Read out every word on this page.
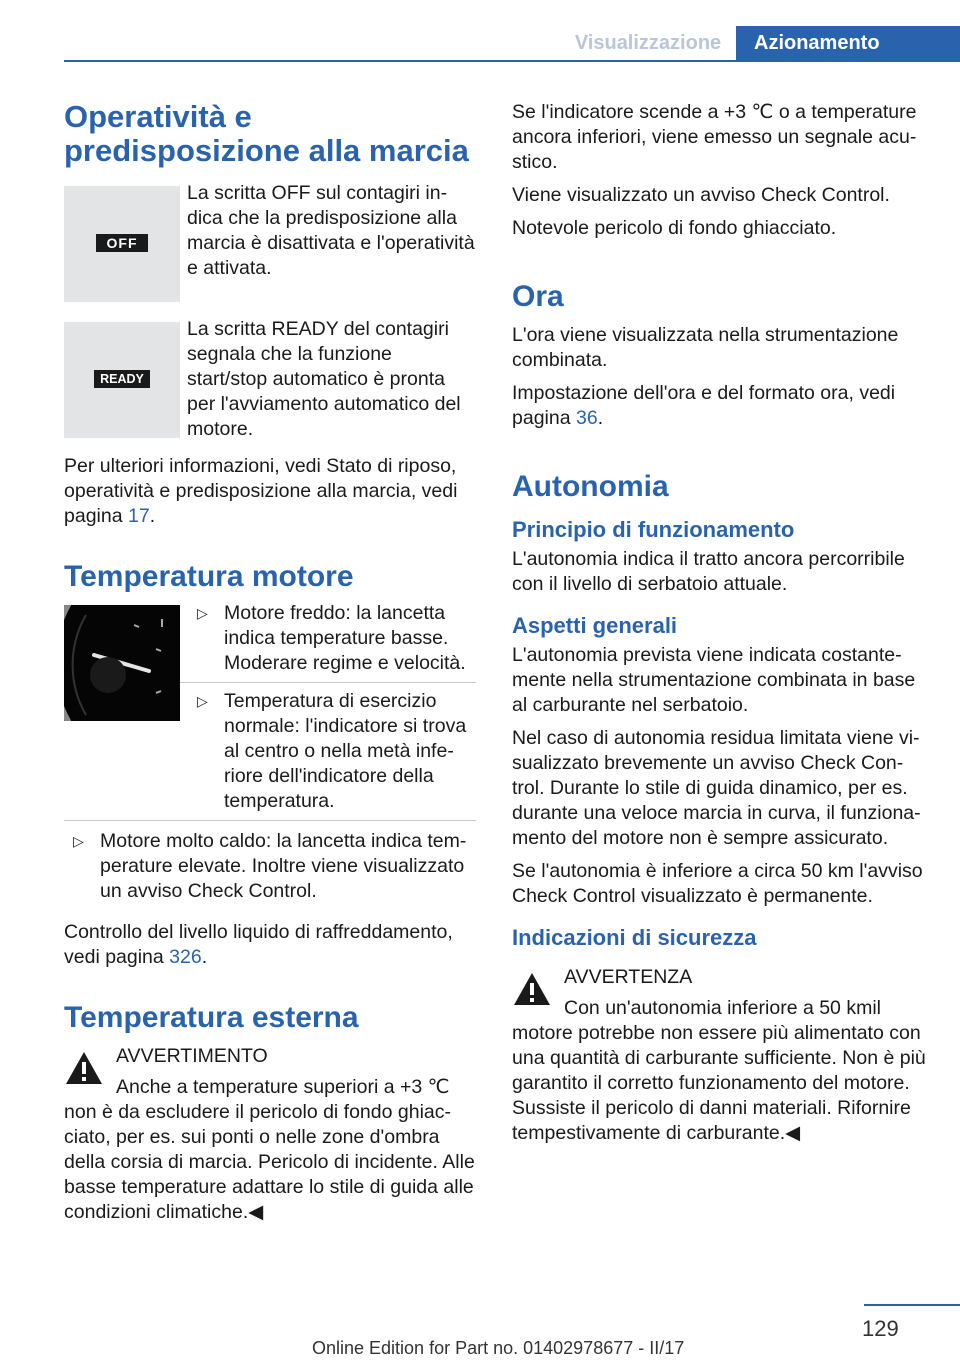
Visualizzazione	Azionamento
Operatività e
predisposizione alla marcia
OFF
La scritta OFF sul contagiri indica che la predisposizione alla marcia è disattivata e l'operatività e attivata.
READY
La scritta READY del contagiri segnala che la funzione start/stop automatico è pronta per l'avviamento automatico del motore.

Per ulteriori informazioni, vedi Stato di riposo, operatività e predisposizione alla marcia, vedi pagina 17.

Temperatura motore
▷ Motore freddo: la lancetta indica temperature basse. Moderare regime e velocità.
▷ Temperatura di esercizio normale: l'indicatore si trova al centro o nella metà inferiore dell'indicatore della temperatura.
▷ Motore molto caldo: la lancetta indica temperature elevate. Inoltre viene visualizzato un avviso Check Control.

Controllo del livello liquido di raffreddamento, vedi pagina 326.

Temperatura esterna
AVVERTIMENTO
Anche a temperature superiori a +3 ℃

non è da escludere il pericolo di fondo ghiacciato, per es. sui ponti o nelle zone d'ombra della corsia di marcia. Pericolo di incidente. Alle basse temperature adattare lo stile di guida alle condizioni climatiche.◀

Se l'indicatore scende a +3 ℃ o a temperature ancora inferiori, viene emesso un segnale acustico.

Viene visualizzato un avviso Check Control.

Notevole pericolo di fondo ghiacciato.

Ora

L'ora viene visualizzata nella strumentazione combinata.

Impostazione dell'ora e del formato ora, vedi pagina 36.

Autonomia
Principio di funzionamento

L'autonomia indica il tratto ancora percorribile con il livello di serbatoio attuale.

Aspetti generali

L'autonomia prevista viene indicata costantemente nella strumentazione combinata in base al carburante nel serbatoio.

Nel caso di autonomia residua limitata viene visualizzato brevemente un avviso Check Control. Durante lo stile di guida dinamico, per es. durante una veloce marcia in curva, il funzionamento del motore non è sempre assicurato.

Se l'autonomia è inferiore a circa 50 km l'avviso Check Control visualizzato è permanente.

Indicazioni di sicurezza
AVVERTENZA
Con un'autonomia inferiore a 50 kmil

motore potrebbe non essere più alimentato con una quantità di carburante sufficiente. Non è più garantito il corretto funzionamento del motore. Sussiste il pericolo di danni materiali. Rifornire tempestivamente di carburante.◀

129
Online Edition for Part no. 01402978677 - II/17
